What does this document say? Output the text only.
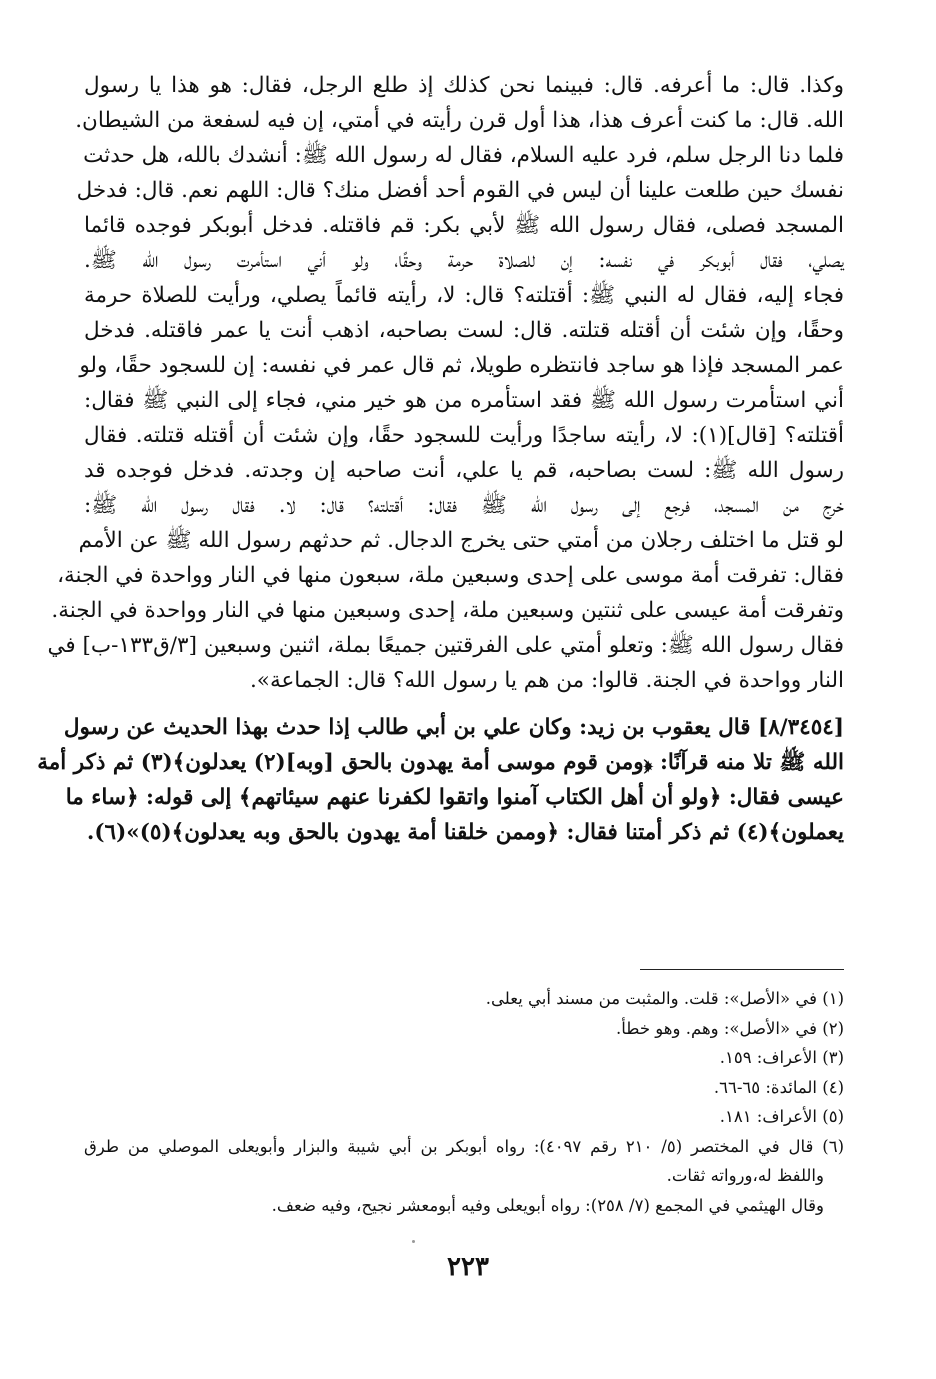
وكذا. قال: ما أعرفه. قال: فبينما نحن كذلك إذ طلع الرجل، فقال: هو هذا يا رسول
الله. قال: ما كنت أعرف هذا، هذا أول قرن رأيته في أمتي، إن فيه لسفعة من الشيطان.
فلما دنا الرجل سلم، فرد عليه السلام، فقال له رسول الله ﷺ: أنشدك بالله، هل حدثت
نفسك حين طلعت علينا أن ليس في القوم أحد أفضل منك؟ قال: اللهم نعم. قال: فدخل
المسجد فصلى، فقال رسول الله ﷺ لأبي بكر: قم فاقتله. فدخل أبوبكر فوجده قائما
يصلي، فقال أبوبكر في نفسه: إن للصلاة حرمة وحقًا، ولو أني استأمرت رسول الله ﷺ.
فجاء إليه، فقال له النبي ﷺ: أقتلته؟ قال: لا، رأيته قائماً يصلي، ورأيت للصلاة حرمة
وحقًا، وإن شئت أن أقتله قتلته. قال: لست بصاحبه، اذهب أنت يا عمر فاقتله. فدخل
عمر المسجد فإذا هو ساجد فانتظره طويلا، ثم قال عمر في نفسه: إن للسجود حقًا، ولو
أني استأمرت رسول الله ﷺ فقد استأمره من هو خير مني، فجاء إلى النبي ﷺ فقال:
أقتلته؟ [قال](١): لا، رأيته ساجدًا ورأيت للسجود حقًا، وإن شئت أن أقتله قتلته. فقال
رسول الله ﷺ: لست بصاحبه، قم يا علي، أنت صاحبه إن وجدته. فدخل فوجده قد
خرج من المسجد، فرجع إلى رسول الله ﷺ فقال: أقتلته؟ قال: لا. فقال رسول الله ﷺ:
لو قتل ما اختلف رجلان من أمتي حتى يخرج الدجال. ثم حدثهم رسول الله ﷺ عن الأمم
فقال: تفرقت أمة موسى على إحدى وسبعين ملة، سبعون منها في النار وواحدة في الجنة،
وتفرقت أمة عيسى على ثنتين وسبعين ملة، إحدى وسبعين منها في النار وواحدة في الجنة.
فقال رسول الله ﷺ: وتعلو أمتي على الفرقتين جميعًا بملة، اثنين وسبعين [٣/ق١٣٣-ب] في
النار وواحدة في الجنة. قالوا: من هم يا رسول الله؟ قال: الجماعة».
[٨/٣٤٥٤] قال يعقوب بن زيد: وكان علي بن أبي طالب إذا حدث بهذا الحديث عن رسول
الله ﷺ تلا منه قرآنًا: ﴿ومن قوم موسى أمة يهدون بالحق [وبه](٢) يعدلون﴾(٣) ثم ذكر أمة
عيسى فقال: ﴿ولو أن أهل الكتاب آمنوا واتقوا لكفرنا عنهم سيئاتهم﴾ إلى قوله: ﴿ساء ما
يعملون﴾(٤) ثم ذكر أمتنا فقال: ﴿وممن خلقنا أمة يهدون بالحق وبه يعدلون﴾(٥)»(٦).
(١) في «الأصل»: قلت. والمثبت من مسند أبي يعلى.
(٢) في «الأصل»: وهم. وهو خطأ.
(٣) الأعراف: ١٥٩.
(٤) المائدة: ٦٥-٦٦.
(٥) الأعراف: ١٨١.
(٦) قال في المختصر (٥/ ٢١٠ رقم ٤٠٩٧): رواه أبوبكر بن أبي شيبة والبزار وأبويعلى الموصلي من طرق
واللفظ له،ورواته ثقات.
وقال الهيثمي في المجمع (٧/ ٢٥٨): رواه أبويعلى وفيه أبومعشر نجيح، وفيه ضعف.
٢٢٣
